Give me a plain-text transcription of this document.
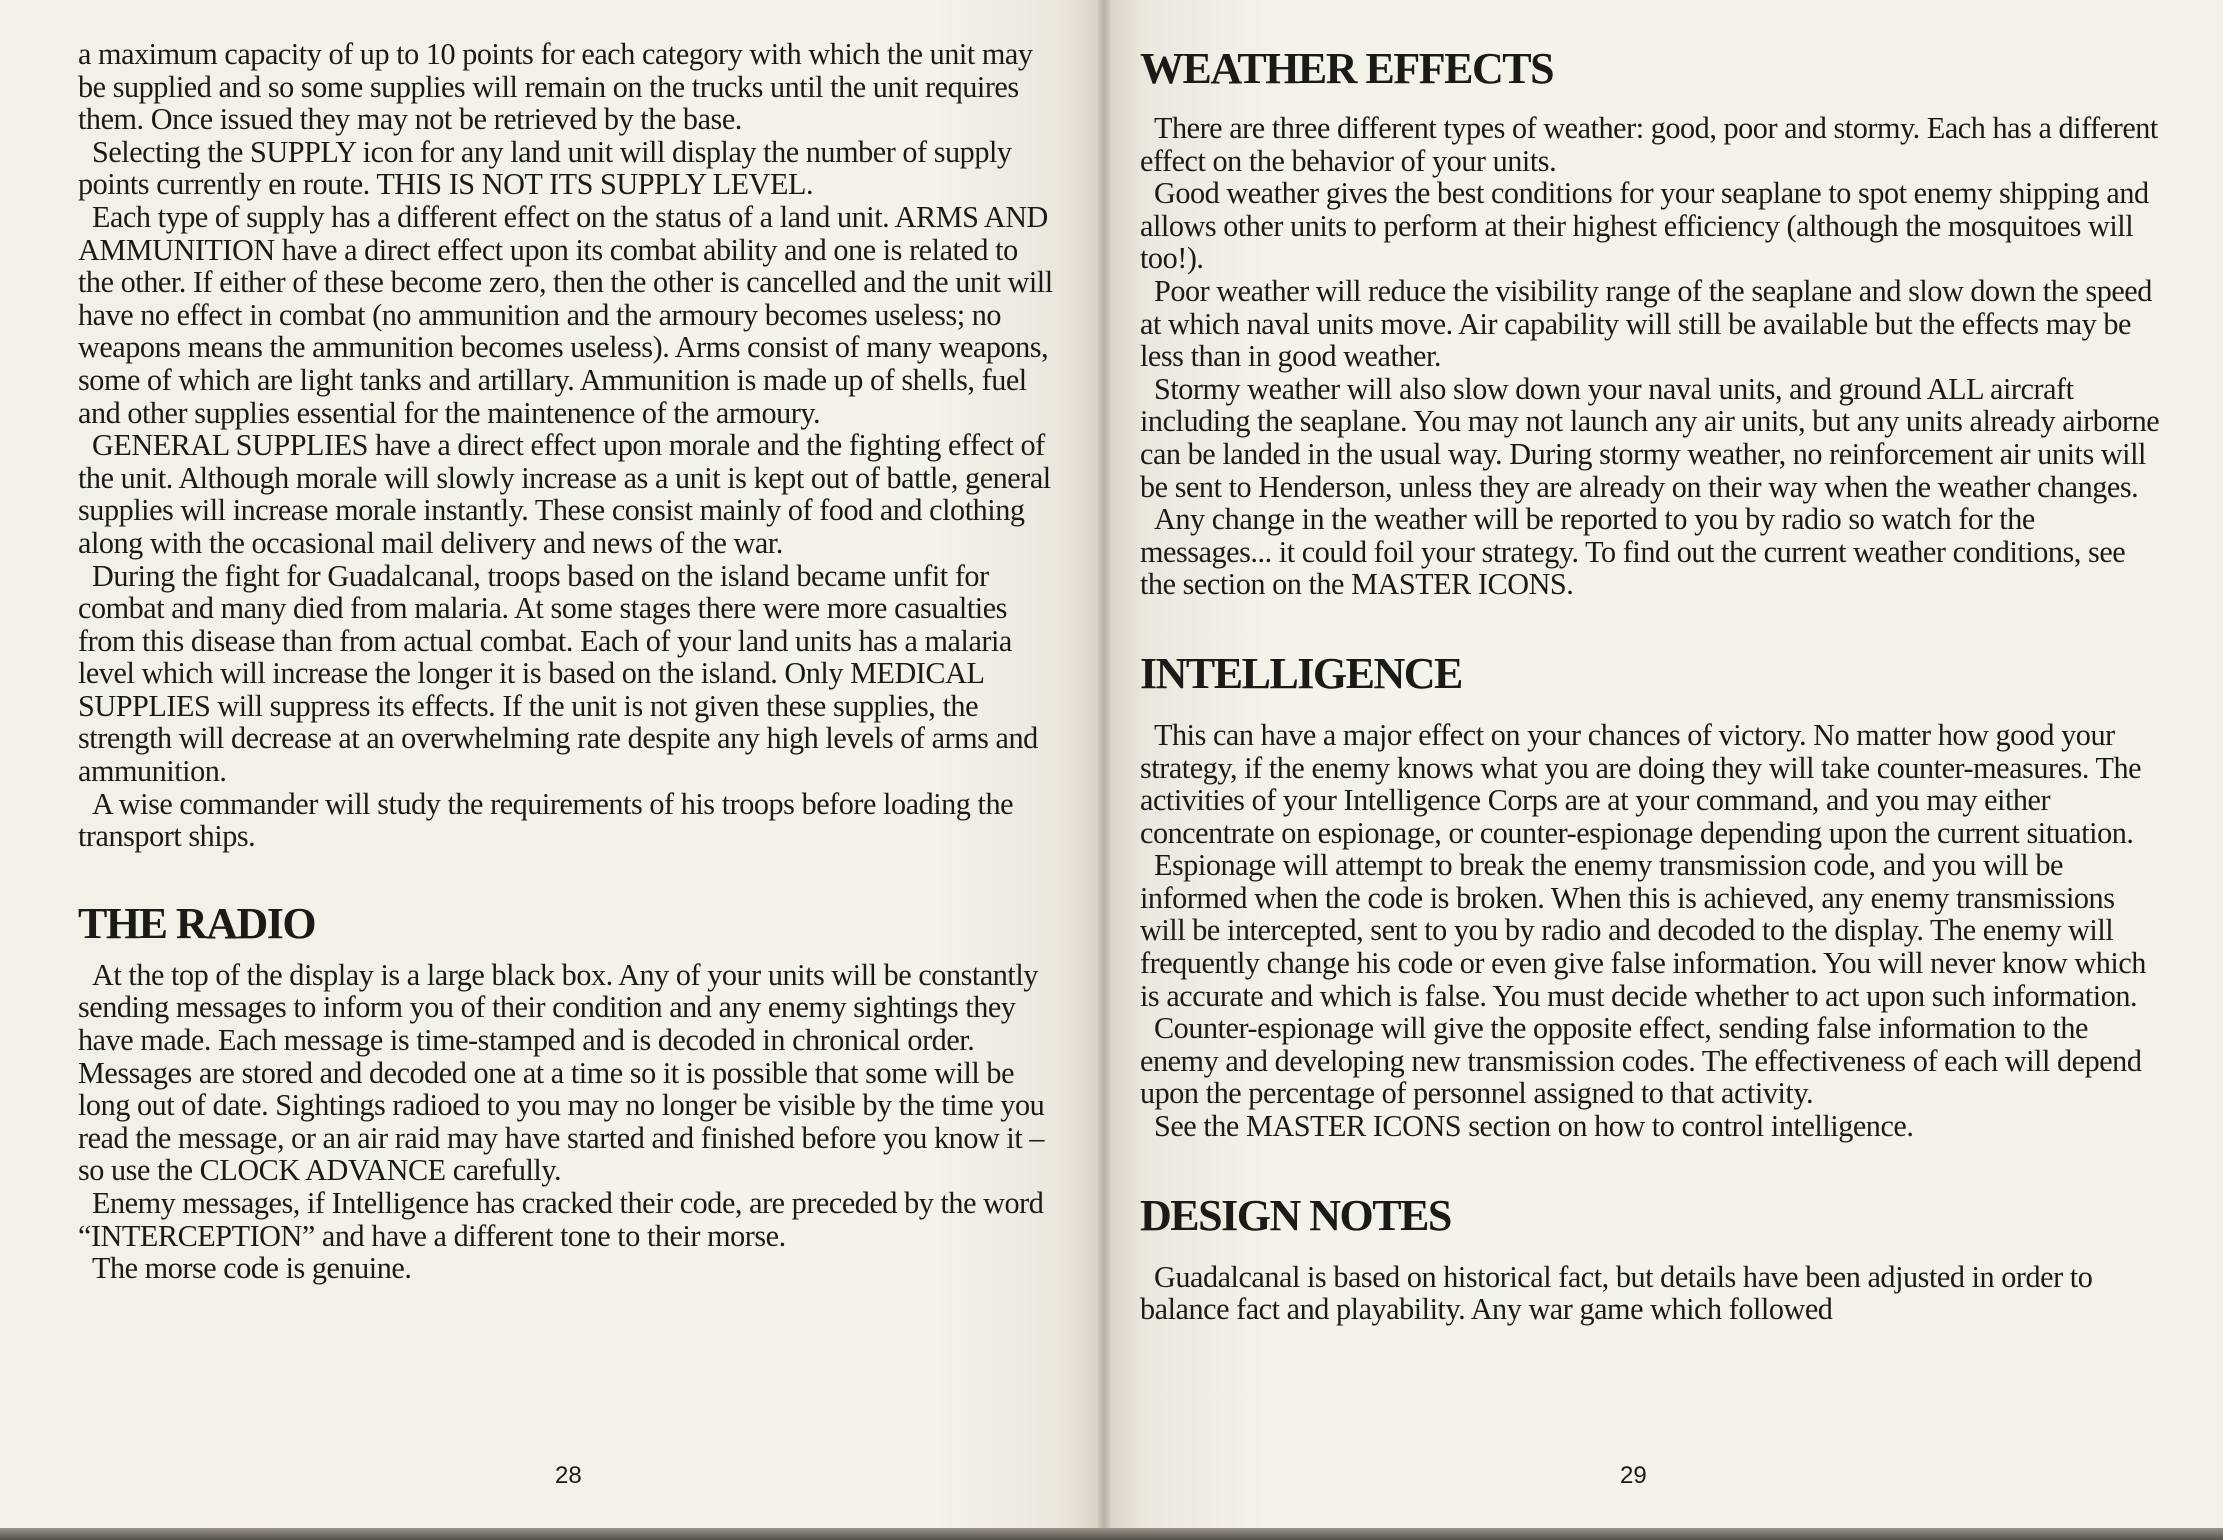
a maximum capacity of up to 10 points for each category with which the unit may be supplied and so some supplies will remain on the trucks until the unit requires them. Once issued they may not be retrieved by the base.

Selecting the SUPPLY icon for any land unit will display the number of supply points currently en route. THIS IS NOT ITS SUPPLY LEVEL.

Each type of supply has a different effect on the status of a land unit. ARMS AND AMMUNITION have a direct effect upon its combat ability and one is related to the other. If either of these become zero, then the other is cancelled and the unit will have no effect in combat (no ammunition and the armoury becomes useless; no weapons means the ammunition becomes useless). Arms consist of many weapons, some of which are light tanks and artillary. Ammunition is made up of shells, fuel and other supplies essential for the maintenence of the armoury.

GENERAL SUPPLIES have a direct effect upon morale and the fighting effect of the unit. Although morale will slowly increase as a unit is kept out of battle, general supplies will increase morale instantly. These consist mainly of food and clothing along with the occasional mail delivery and news of the war.

During the fight for Guadalcanal, troops based on the island became unfit for combat and many died from malaria. At some stages there were more casualties from this disease than from actual combat. Each of your land units has a malaria level which will increase the longer it is based on the island. Only MEDICAL SUPPLIES will suppress its effects. If the unit is not given these supplies, the strength will decrease at an overwhelming rate despite any high levels of arms and ammunition.

A wise commander will study the requirements of his troops before loading the transport ships.

THE RADIO

At the top of the display is a large black box. Any of your units will be constantly sending messages to inform you of their condition and any enemy sightings they have made. Each message is time-stamped and is decoded in chronical order. Messages are stored and decoded one at a time so it is possible that some will be long out of date. Sightings radioed to you may no longer be visible by the time you read the message, or an air raid may have started and finished before you know it – so use the CLOCK ADVANCE carefully.

Enemy messages, if Intelligence has cracked their code, are preceded by the word “INTERCEPTION” and have a different tone to their morse.

The morse code is genuine.

28
WEATHER EFFECTS

There are three different types of weather: good, poor and stormy. Each has a different effect on the behavior of your units.

Good weather gives the best conditions for your seaplane to spot enemy shipping and allows other units to perform at their highest efficiency (although the mosquitoes will too!).

Poor weather will reduce the visibility range of the seaplane and slow down the speed at which naval units move. Air capability will still be available but the effects may be less than in good weather.

Stormy weather will also slow down your naval units, and ground ALL aircraft including the seaplane. You may not launch any air units, but any units already airborne can be landed in the usual way. During stormy weather, no reinforcement air units will be sent to Henderson, unless they are already on their way when the weather changes.

Any change in the weather will be reported to you by radio so watch for the messages... it could foil your strategy. To find out the current weather conditions, see the section on the MASTER ICONS.

INTELLIGENCE

This can have a major effect on your chances of victory. No matter how good your strategy, if the enemy knows what you are doing they will take counter-measures. The activities of your Intelligence Corps are at your command, and you may either concentrate on espionage, or counter-espionage depending upon the current situation.

Espionage will attempt to break the enemy transmission code, and you will be informed when the code is broken. When this is achieved, any enemy transmissions will be intercepted, sent to you by radio and decoded to the display. The enemy will frequently change his code or even give false information. You will never know which is accurate and which is false. You must decide whether to act upon such information.

Counter-espionage will give the opposite effect, sending false information to the enemy and developing new transmission codes. The effectiveness of each will depend upon the percentage of personnel assigned to that activity.

See the MASTER ICONS section on how to control intelligence.

DESIGN NOTES

Guadalcanal is based on historical fact, but details have been adjusted in order to balance fact and playability. Any war game which followed

29
